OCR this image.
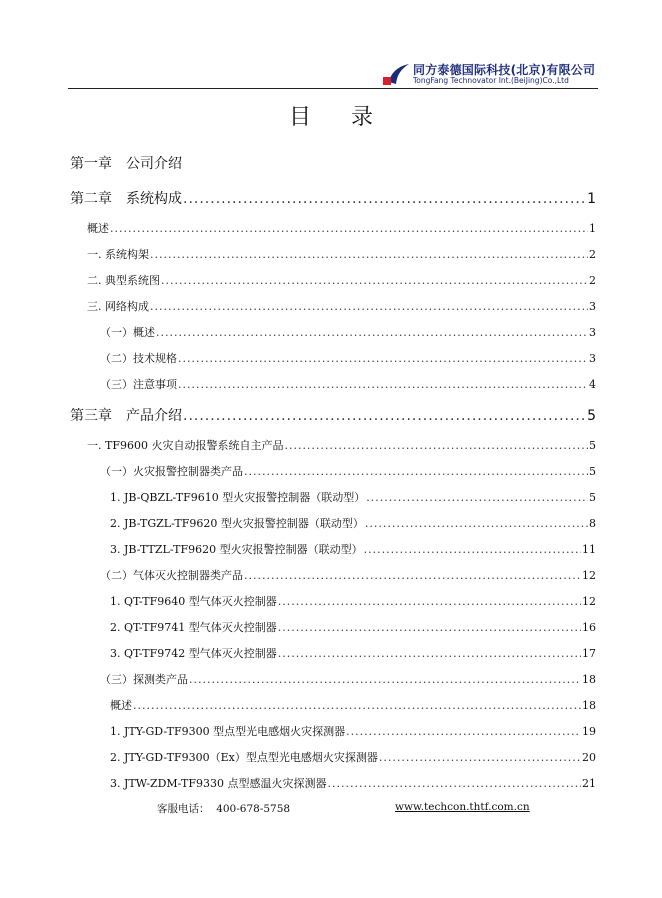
同方泰德国际科技(北京)有限公司
TongFang Technovator Int.(BeiJing)Co.,Ltd
目录
第一章　公司介绍
第二章　系统构成 .....	1
概述 .....	1
一. 系统构架 .....	2
二. 典型系统图 .....	2
三. 网络构成 .....	3
（一）概述 .....	3
（二）技术规格 .....	3
（三）注意事项 .....	4
第三章　产品介绍 .....	5
一. TF9600 火灾自动报警系统自主产品 .....	5
（一）火灾报警控制器类产品 .....	5
1. JB-QBZL-TF9610 型火灾报警控制器（联动型） .....	5
2. JB-TGZL-TF9620 型火灾报警控制器（联动型） .....	8
3. JB-TTZL-TF9620 型火灾报警控制器（联动型） .....	11
（二）气体灭火控制器类产品 .....	12
1. QT-TF9640 型气体灭火控制器 .....	12
2. QT-TF9741 型气体灭火控制器 .....	16
3. QT-TF9742 型气体灭火控制器 .....	17
（三）探测类产品 .....	18
概述 .....	18
1. JTY-GD-TF9300 型点型光电感烟火灾探测器 .....	19
2. JTY-GD-TF9300（Ex）型点型光电感烟火灾探测器 .....	20
3. JTW-ZDM-TF9330 点型感温火灾探测器 .....	21
客服电话： 400-678-5758	www.techcon.thtf.com.cn
